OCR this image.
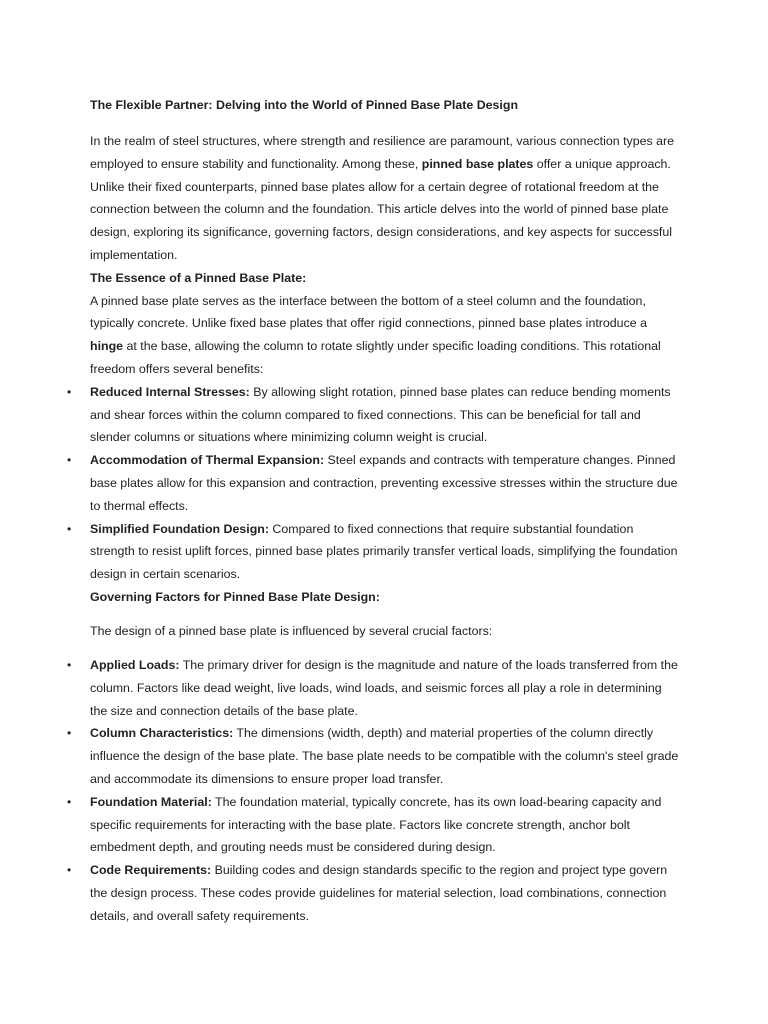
The Flexible Partner: Delving into the World of Pinned Base Plate Design

In the realm of steel structures, where strength and resilience are paramount, various connection types are employed to ensure stability and functionality. Among these, pinned base plates offer a unique approach. Unlike their fixed counterparts, pinned base plates allow for a certain degree of rotational freedom at the connection between the column and the foundation. This article delves into the world of pinned base plate design, exploring its significance, governing factors, design considerations, and key aspects for successful implementation.

The Essence of a Pinned Base Plate:

A pinned base plate serves as the interface between the bottom of a steel column and the foundation, typically concrete. Unlike fixed base plates that offer rigid connections, pinned base plates introduce a hinge at the base, allowing the column to rotate slightly under specific loading conditions. This rotational freedom offers several benefits:

• Reduced Internal Stresses: By allowing slight rotation, pinned base plates can reduce bending moments and shear forces within the column compared to fixed connections. This can be beneficial for tall and slender columns or situations where minimizing column weight is crucial.
• Accommodation of Thermal Expansion: Steel expands and contracts with temperature changes. Pinned base plates allow for this expansion and contraction, preventing excessive stresses within the structure due to thermal effects.
• Simplified Foundation Design: Compared to fixed connections that require substantial foundation strength to resist uplift forces, pinned base plates primarily transfer vertical loads, simplifying the foundation design in certain scenarios.

Governing Factors for Pinned Base Plate Design:

The design of a pinned base plate is influenced by several crucial factors:

• Applied Loads: The primary driver for design is the magnitude and nature of the loads transferred from the column. Factors like dead weight, live loads, wind loads, and seismic forces all play a role in determining the size and connection details of the base plate.
• Column Characteristics: The dimensions (width, depth) and material properties of the column directly influence the design of the base plate. The base plate needs to be compatible with the column's steel grade and accommodate its dimensions to ensure proper load transfer.
• Foundation Material: The foundation material, typically concrete, has its own load-bearing capacity and specific requirements for interacting with the base plate. Factors like concrete strength, anchor bolt embedment depth, and grouting needs must be considered during design.
• Code Requirements: Building codes and design standards specific to the region and project type govern the design process. These codes provide guidelines for material selection, load combinations, connection details, and overall safety requirements.
